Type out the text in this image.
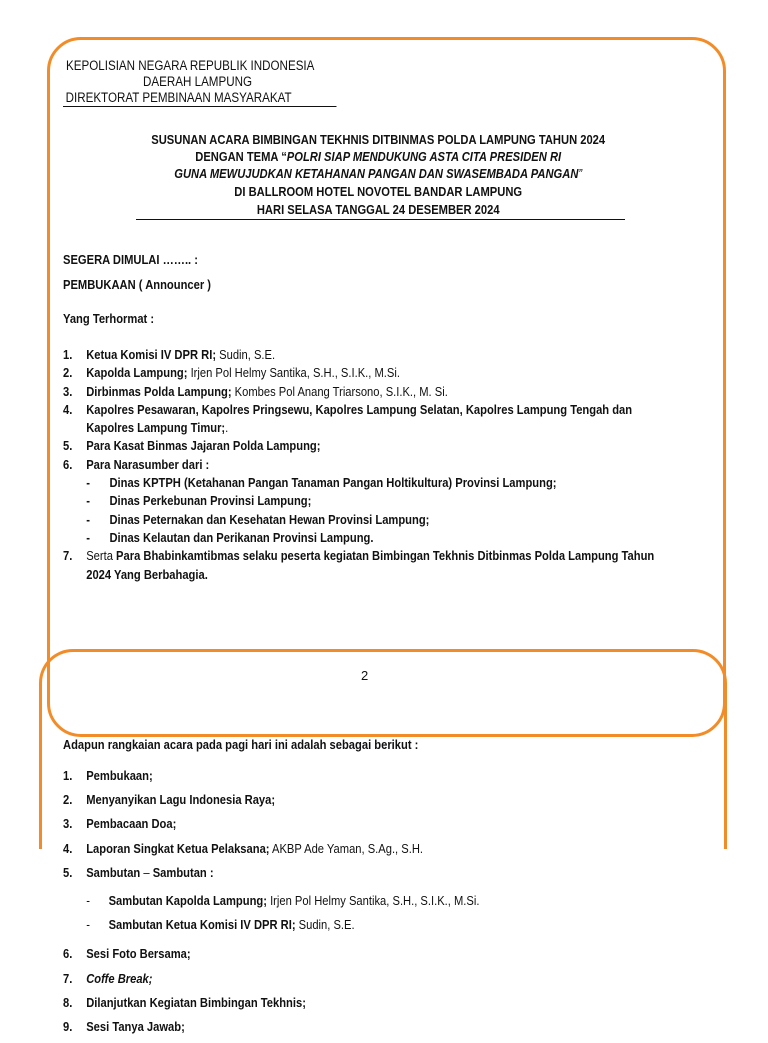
KEPOLISIAN NEGARA REPUBLIK INDONESIA
DAERAH LAMPUNG
DIREKTORAT PEMBINAAN MASYARAKAT
SUSUNAN ACARA BIMBINGAN TEKHNIS DITBINMAS POLDA LAMPUNG TAHUN 2024
DENGAN TEMA “POLRI SIAP MENDUKUNG ASTA CITA PRESIDEN RI
GUNA MEWUJUDKAN KETAHANAN PANGAN DAN SWASEMBADA PANGAN”
DI BALLROOM HOTEL NOVOTEL BANDAR LAMPUNG
HARI SELASA TANGGAL 24 DESEMBER 2024
SEGERA DIMULAI …….. :
PEMBUKAAN ( Announcer )
Yang Terhormat :
1. Ketua Komisi IV DPR RI; Sudin, S.E.
2. Kapolda Lampung; Irjen Pol Helmy Santika, S.H., S.I.K., M.Si.
3. Dirbinmas Polda Lampung; Kombes Pol Anang Triarsono, S.I.K., M. Si.
4. Kapolres Pesawaran, Kapolres Pringsewu, Kapolres Lampung Selatan, Kapolres Lampung Tengah dan
Kapolres Lampung Timur;.
5. Para Kasat Binmas Jajaran Polda Lampung;
6. Para Narasumber dari :
- Dinas KPTPH (Ketahanan Pangan Tanaman Pangan Holtikultura) Provinsi Lampung;
- Dinas Perkebunan Provinsi Lampung;
- Dinas Peternakan dan Kesehatan Hewan Provinsi Lampung;
- Dinas Kelautan dan Perikanan Provinsi Lampung.
7. Serta Para Bhabinkamtibmas selaku peserta kegiatan Bimbingan Tekhnis Ditbinmas Polda Lampung Tahun
2024 Yang Berbahagia.
2
Adapun rangkaian acara pada pagi hari ini adalah sebagai berikut :
1. Pembukaan;
2. Menyanyikan Lagu Indonesia Raya;
3. Pembacaan Doa;
4. Laporan Singkat Ketua Pelaksana; AKBP Ade Yaman, S.Ag., S.H.
5. Sambutan – Sambutan :
- Sambutan Kapolda Lampung; Irjen Pol Helmy Santika, S.H., S.I.K., M.Si.
- Sambutan Ketua Komisi IV DPR RI; Sudin, S.E.
6. Sesi Foto Bersama;
7. Coffe Break;
8. Dilanjutkan Kegiatan Bimbingan Tekhnis;
9. Sesi Tanya Jawab;
